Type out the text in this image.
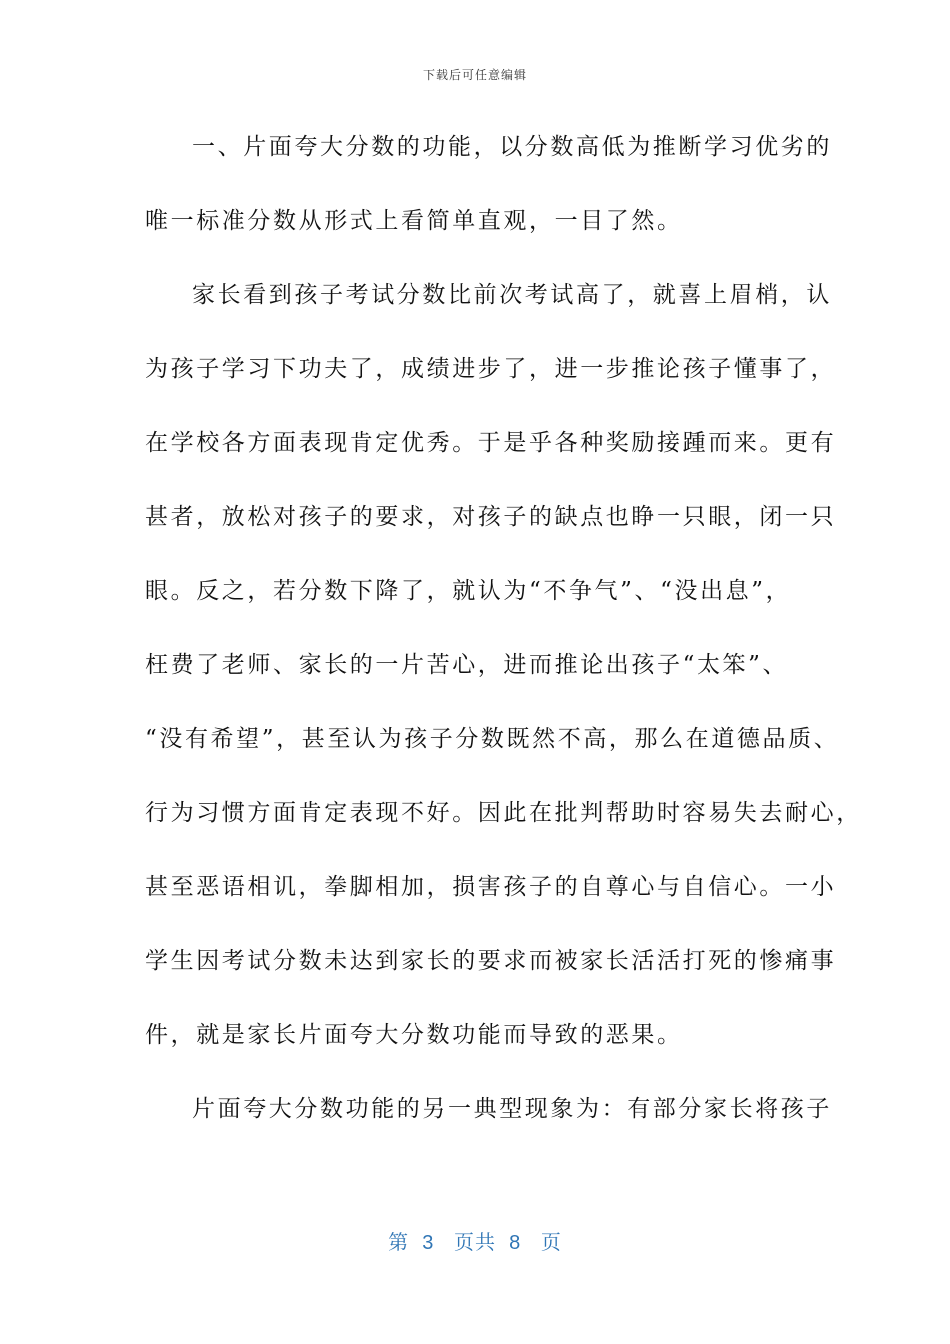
下载后可任意编辑
一、片面夸大分数的功能，以分数高低为推断学习优劣的
唯一标准分数从形式上看简单直观，一目了然。
家长看到孩子考试分数比前次考试高了，就喜上眉梢，认
为孩子学习下功夫了，成绩进步了，进一步推论孩子懂事了，
在学校各方面表现肯定优秀。于是乎各种奖励接踵而来。更有
甚者，放松对孩子的要求，对孩子的缺点也睁一只眼，闭一只
眼。反之，若分数下降了，就认为“不争气”、“没出息”，
枉费了老师、家长的一片苦心，进而推论出孩子“太笨”、
“没有希望”，甚至认为孩子分数既然不高，那么在道德品质、
行为习惯方面肯定表现不好。因此在批判帮助时容易失去耐心，
甚至恶语相讥，拳脚相加，损害孩子的自尊心与自信心。一小
学生因考试分数未达到家长的要求而被家长活活打死的惨痛事
件，就是家长片面夸大分数功能而导致的恶果。
片面夸大分数功能的另一典型现象为：有部分家长将孩子
第 3 页共 8 页
